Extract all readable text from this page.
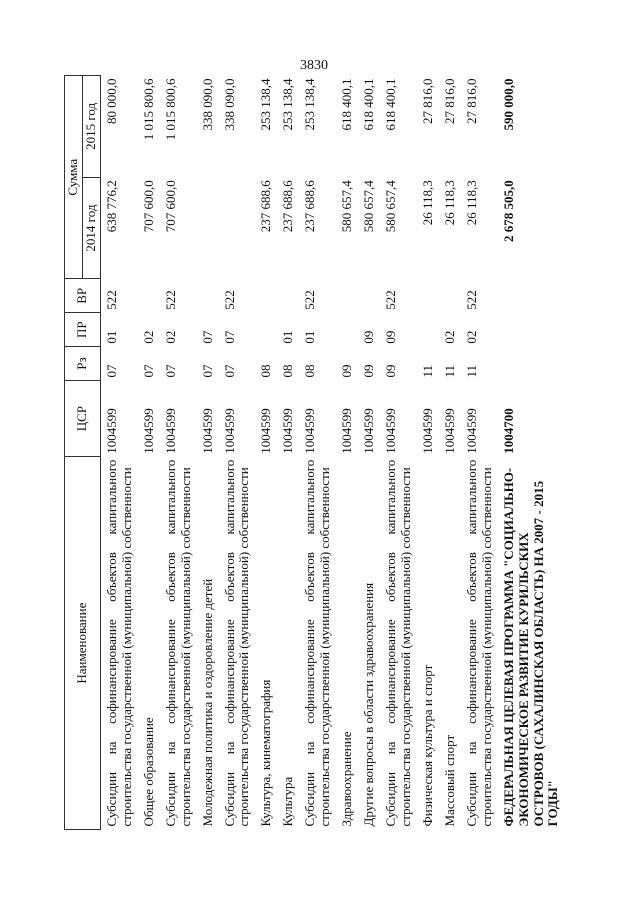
3830
Наименование	ЦСР	Рз	ПР	ВР	Сумма	
					2014 год	2015 год
Субсидии на софинансирование объектов капитального строительства государственной (муниципальной) собственности	1004599	07	01	522	638 776,2	80 000,0
Общее образование	1004599	07	02		707 600,0	1 015 800,6
Субсидии на софинансирование объектов капитального строительства государственной (муниципальной) собственности	1004599	07	02	522	707 600,0	1 015 800,6
Молодежная политика и оздоровление детей	1004599	07	07			338 090,0
Субсидии на софинансирование объектов капитального строительства государственной (муниципальной) собственности	1004599	07	07	522		338 090,0
Культура, кинематография	1004599	08			237 688,6	253 138,4
Культура	1004599	08	01		237 688,6	253 138,4
Субсидии на софинансирование объектов капитального строительства государственной (муниципальной) собственности	1004599	08	01	522	237 688,6	253 138,4
Здравоохранение	1004599	09			580 657,4	618 400,1
Другие вопросы в области здравоохранения	1004599	09	09		580 657,4	618 400,1
Субсидии на софинансирование объектов капитального строительства государственной (муниципальной) собственности	1004599	09	09	522	580 657,4	618 400,1
Физическая культура и спорт	1004599	11			26 118,3	27 816,0
Массовый спорт	1004599	11	02		26 118,3	27 816,0
Субсидии на софинансирование объектов капитального строительства государственной (муниципальной) собственности	1004599	11	02	522	26 118,3	27 816,0
ФЕДЕРАЛЬНАЯ ЦЕЛЕВАЯ ПРОГРАММА "СОЦИАЛЬНО-ЭКОНОМИЧЕСКОЕ РАЗВИТИЕ КУРИЛЬСКИХ ОСТРОВОВ (САХАЛИНСКАЯ ОБЛАСТЬ) НА 2007 - 2015 ГОДЫ"	1004700				2 678 505,0	590 000,0
